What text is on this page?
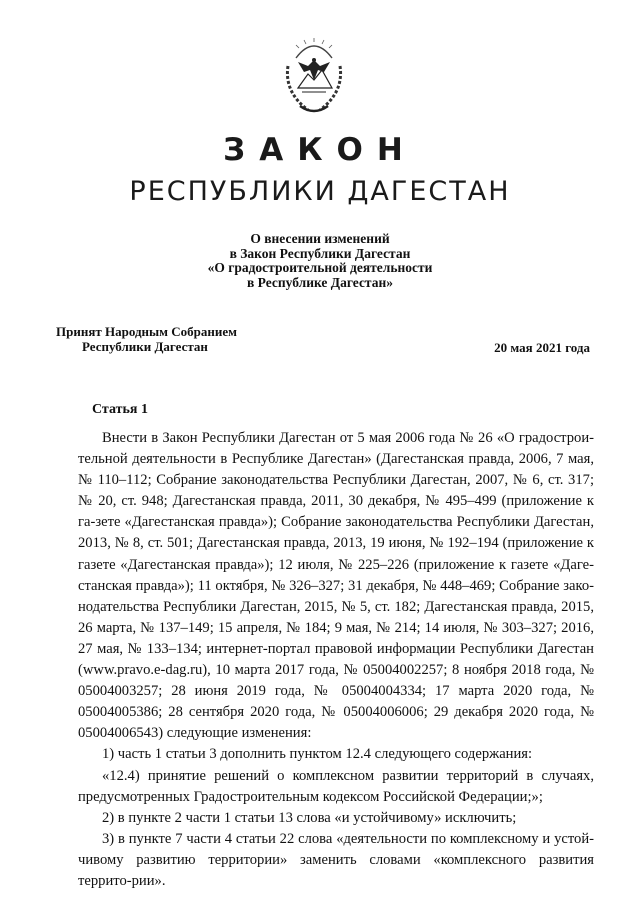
ЗАКОН
РЕСПУБЛИКИ ДАГЕСТАН
О внесении изменений
в Закон Республики Дагестан
«О градостроительной деятельности
в Республике Дагестан»
Принят Народным Собранием
Республики Дагестан	20 мая 2021 года
Статья 1

Внести в Закон Республики Дагестан от 5 мая 2006 года № 26 «О градострои-тельной деятельности в Республике Дагестан» (Дагестанская правда, 2006, 7 мая, № 110–112; Собрание законодательства Республики Дагестан, 2007, № 6, ст. 317; № 20, ст. 948; Дагестанская правда, 2011, 30 декабря, № 495–499 (приложение к га-зете «Дагестанская правда»); Собрание законодательства Республики Дагестан, 2013, № 8, ст. 501; Дагестанская правда, 2013, 19 июня, № 192–194 (приложение к газете «Дагестанская правда»); 12 июля, № 225–226 (приложение к газете «Даге-станская правда»); 11 октября, № 326–327; 31 декабря, № 448–469; Собрание зако-нодательства Республики Дагестан, 2015, № 5, ст. 182; Дагестанская правда, 2015, 26 марта, № 137–149; 15 апреля, № 184; 9 мая, № 214; 14 июля, № 303–327; 2016, 27 мая, № 133–134; интернет-портал правовой информации Республики Дагестан (www.pravo.e-dag.ru), 10 марта 2017 года, № 05004002257; 8 ноября 2018 года, № 05004003257; 28 июня 2019 года, № 05004004334; 17 марта 2020 года, № 05004005386; 28 сентября 2020 года, № 05004006006; 29 декабря 2020 года, № 05004006543) следующие изменения:

1) часть 1 статьи 3 дополнить пунктом 12.4 следующего содержания:

«12.4) принятие решений о комплексном развитии территорий в случаях, предусмотренных Градостроительным кодексом Российской Федерации;»;

2) в пункте 2 части 1 статьи 13 слова «и устойчивому» исключить;

3) в пункте 7 части 4 статьи 22 слова «деятельности по комплексному и устой-чивому развитию территории» заменить словами «комплексного развития террито-рии».
